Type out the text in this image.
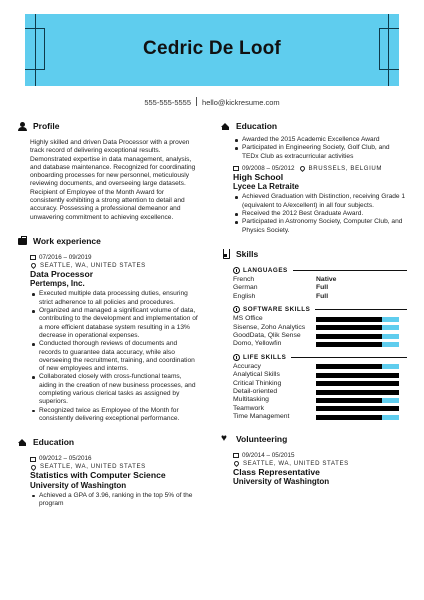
Cedric De Loof
555-555-5555 hello@kickresume.com
Profile
Highly skilled and driven Data Processor with a proven track record of delivering exceptional results. Demonstrated expertise in data management, analysis, and database maintenance. Recognized for coordinating onboarding processes for new personnel, meticulously reviewing documents, and overseeing large datasets. Recipient of Employee of the Month Award for consistently exhibiting a strong attention to detail and accuracy. Possessing a professional demeanor and unwavering commitment to achieving excellence.
Work experience
07/2016 – 09/2019
SEATTLE, WA, UNITED STATES
Data Processor
Pertemps, Inc.
Executed multiple data processing duties, ensuring strict adherence to all policies and procedures.
Organized and managed a significant volume of data, contributing to the development and implementation of a more efficient database system resulting in a 13% decrease in operational expenses.
Conducted thorough reviews of documents and records to guarantee data accuracy, while also overseeing the recruitment, training, and coordination of new employees and interns.
Collaborated closely with cross-functional teams, aiding in the creation of new business processes, and completing various clerical tasks as assigned by superiors.
Recognized twice as Employee of the Month for consistently delivering exceptional performance.
Education
09/2012 – 05/2016
SEATTLE, WA, UNITED STATES
Statistics with Computer Science
University of Washington
Achieved a GPA of 3.96, ranking in the top 5% of the program
Education
Awarded the 2015 Academic Excellence Award
Participated in Engineering Society, Golf Club, and TEDx Club as extracurricular activities
09/2008 – 05/2012 BRUSSELS, BELGIUM
High School
Lycee La Retraite
Achieved Graduation with Distinction, receiving Grade 1 (equivalent to A/excellent) in all four subjects.
Received the 2012 Best Graduate Award.
Participated in Astronomy Society, Computer Club, and Physics Society.
Skills
LANGUAGES
French	Native
German	Full
English	Full
SOFTWARE SKILLS
MS Office
Sisense, Zoho Analytics
GoodData, Qlik Sense
Domo, Yellowfin
LIFE SKILLS
Accuracy
Analytical Skills
Critical Thinking
Detail-oriented
Multitasking
Teamwork
Time Management
♥	Volunteering
09/2014 – 05/2015
SEATTLE, WA, UNITED STATES
Class Representative
University of Washington
